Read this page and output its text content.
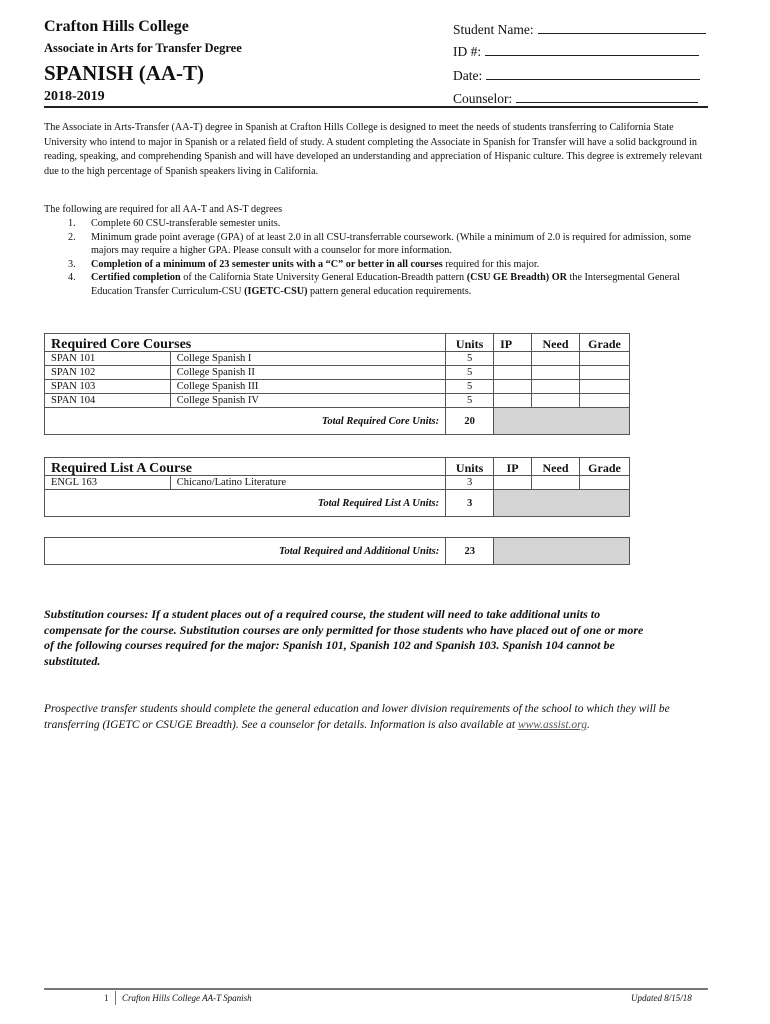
Crafton Hills College
Associate in Arts for Transfer Degree
SPANISH (AA-T)
2018-2019
Student Name:
ID #:
Date:
Counselor:
The Associate in Arts-Transfer (AA-T) degree in Spanish at Crafton Hills College is designed to meet the needs of students transferring to California State University who intend to major in Spanish or a related field of study. A student completing the Associate in Spanish for Transfer will have a solid background in reading, speaking, and comprehending Spanish and will have developed an understanding and appreciation of Hispanic culture. This degree is extremely relevant due to the high percentage of Spanish speakers living in California.
The following are required for all AA-T and AS-T degrees
1. Complete 60 CSU-transferable semester units.
2. Minimum grade point average (GPA) of at least 2.0 in all CSU-transferrable coursework. (While a minimum of 2.0 is required for admission, some majors may require a higher GPA. Please consult with a counselor for more information.
3. Completion of a minimum of 23 semester units with a “C” or better in all courses required for this major.
4. Certified completion of the California State University General Education-Breadth pattern (CSU GE Breadth) OR the Intersegmental General Education Transfer Curriculum-CSU (IGETC-CSU) pattern general education requirements.
Required Core Courses		Units	IP	Need	Grade
SPAN 101	College Spanish I	5			
SPAN 102	College Spanish II	5			
SPAN 103	College Spanish III	5			
SPAN 104	College Spanish IV	5			
Total Required Core Units:		20			
Required List A Course		Units	IP	Need	Grade
ENGL 163	Chicano/Latino Literature	3			
Total Required List A Units:		3			
Total Required and Additional Units:	23	
Substitution courses: If a student places out of a required course, the student will need to take additional units to compensate for the course. Substitution courses are only permitted for those students who have placed out of one or more of the following courses required for the major: Spanish 101, Spanish 102 and Spanish 103. Spanish 104 cannot be substituted.
Prospective transfer students should complete the general education and lower division requirements of the school to which they will be transferring (IGETC or CSUGE Breadth). See a counselor for details. Information is also available at www.assist.org.
1 Crafton Hills College AA-T Spanish	Updated 8/15/18
